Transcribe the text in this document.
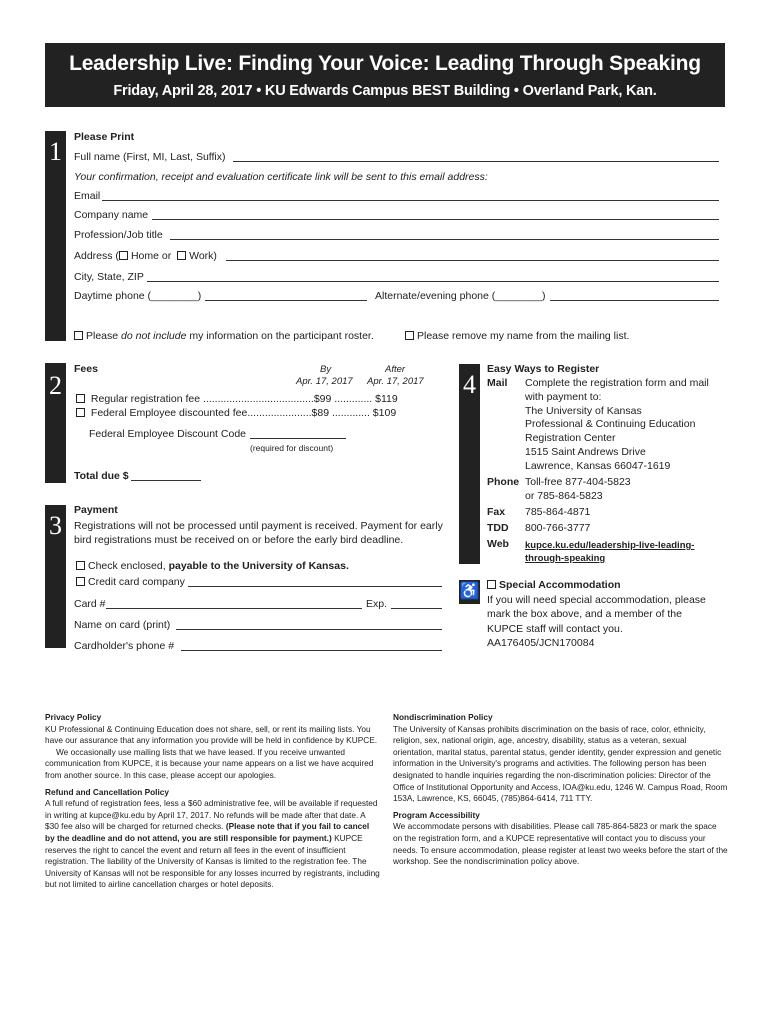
Leadership Live: Finding Your Voice: Leading Through Speaking
Friday, April 28, 2017 • KU Edwards Campus BEST Building • Overland Park, Kan.
1	Please Print
Full name (First, MI, Last, Suffix)
Your confirmation, receipt and evaluation certificate link will be sent to this email address:
Email
Company name
Profession/Job title
Address ( Home or Work)
City, State, ZIP
Daytime phone (________)	Alternate/evening phone (________)
Please do not include my information on the participant roster.	Please remove my name from the mailing list.
2
Fees	By
Apr. 17, 2017
After
Apr. 17, 2017
Regular registration fee ......................................$99 ............. $119
Federal Employee discounted fee......................$89 ............. $109
Federal Employee Discount Code
(required for discount)
Total due $
3
Payment
Registrations will not be processed until payment is received. Payment for early bird registrations must be received on or before the early bird deadline.
Check enclosed, payable to the University of Kansas.
Credit card company
Card #	Exp.
Name on card (print)
Cardholder's phone #
4
Easy Ways to Register
Mail Complete the registration form and mail
with payment to:
The University of Kansas
Professional & Continuing Education
Registration Center
1515 Saint Andrews Drive
Lawrence, Kansas 66047-1619
Phone Toll-free 877-404-5823
or 785-864-5823
Fax 785-864-4871
TDD 800-766-3777
Web kupce.ku.edu/leadership-live-leading-
through-speaking
♿	Special Accommodation
If you will need special accommodation, please
mark the box above, and a member of the
KUPCE staff will contact you.
AA176405/JCN170084

Privacy Policy

KU Professional & Continuing Education does not share, sell, or rent its mailing lists. You have our assurance that any information you provide will be held in confidence by KUPCE.

We occasionally use mailing lists that we have leased. If you receive unwanted communication from KUPCE, it is because your name appears on a list we have acquired from another source. In this case, please accept our apologies.

Refund and Cancellation Policy

A full refund of registration fees, less a $60 administrative fee, will be available if requested in writing at kupce@ku.edu by April 17, 2017. No refunds will be made after that date. A $30 fee also will be charged for returned checks. (Please note that if you fail to cancel by the deadline and do not attend, you are still responsible for payment.) KUPCE reserves the right to cancel the event and return all fees in the event of insufficient registration. The liability of the University of Kansas is limited to the registration fee. The University of Kansas will not be responsible for any losses incurred by registrants, including but not limited to airline cancellation charges or hotel deposits.

Nondiscrimination Policy

The University of Kansas prohibits discrimination on the basis of race, color, ethnicity, religion, sex, national origin, age, ancestry, disability, status as a veteran, sexual orientation, marital status, parental status, gender identity, gender expression and genetic information in the University's programs and activities. The following person has been designated to handle inquiries regarding the non-discrimination policies: Director of the Office of Institutional Opportunity and Access, IOA@ku.edu, 1246 W. Campus Road, Room 153A, Lawrence, KS, 66045, (785)864-6414, 711 TTY.

Program Accessibility

We accommodate persons with disabilities. Please call 785-864-5823 or mark the space on the registration form, and a KUPCE representative will contact you to discuss your needs. To ensure accommodation, please register at least two weeks before the start of the workshop. See the nondiscrimination policy above.
